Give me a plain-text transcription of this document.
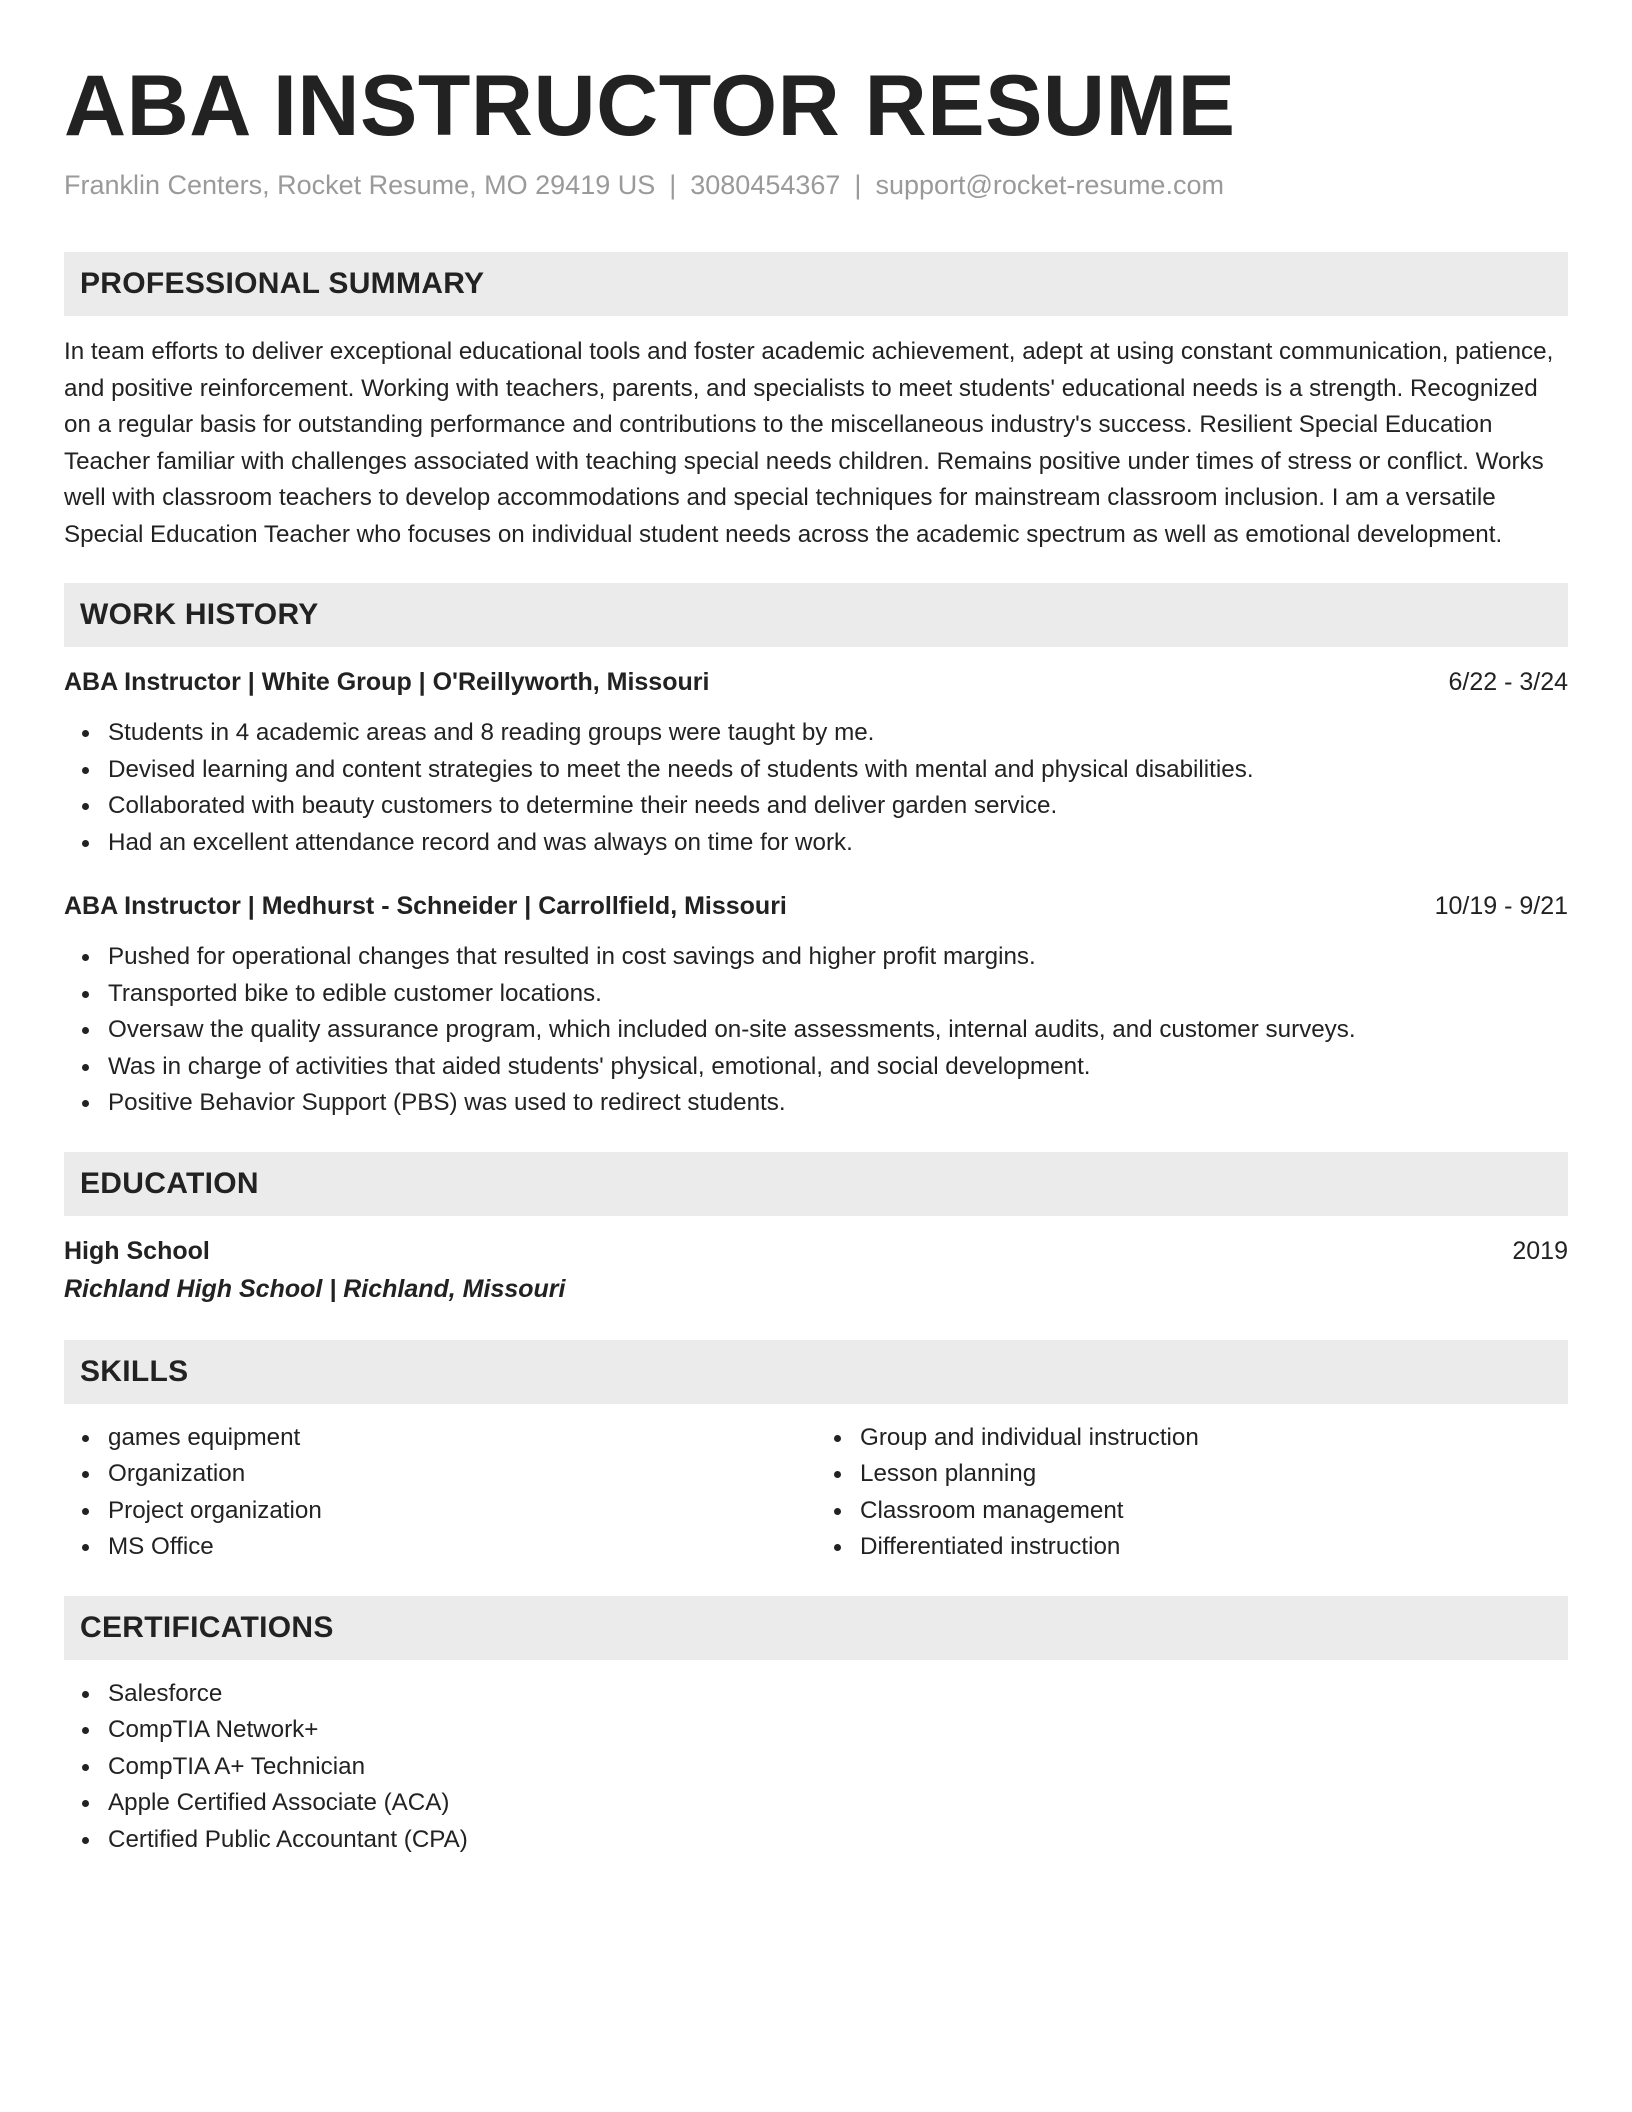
ABA INSTRUCTOR RESUME
Franklin Centers, Rocket Resume, MO 29419 US | 3080454367 | support@rocket-resume.com
PROFESSIONAL SUMMARY

In team efforts to deliver exceptional educational tools and foster academic achievement, adept at using constant communication, patience, and positive reinforcement. Working with teachers, parents, and specialists to meet students' educational needs is a strength. Recognized on a regular basis for outstanding performance and contributions to the miscellaneous industry's success. Resilient Special Education Teacher familiar with challenges associated with teaching special needs children. Remains positive under times of stress or conflict. Works well with classroom teachers to develop accommodations and special techniques for mainstream classroom inclusion. I am a versatile Special Education Teacher who focuses on individual student needs across the academic spectrum as well as emotional development.

WORK HISTORY
ABA Instructor | White Group | O'Reillyworth, Missouri	6/22 - 3/24
Students in 4 academic areas and 8 reading groups were taught by me.
Devised learning and content strategies to meet the needs of students with mental and physical disabilities.
Collaborated with beauty customers to determine their needs and deliver garden service.
Had an excellent attendance record and was always on time for work.
ABA Instructor | Medhurst - Schneider | Carrollfield, Missouri	10/19 - 9/21
Pushed for operational changes that resulted in cost savings and higher profit margins.
Transported bike to edible customer locations.
Oversaw the quality assurance program, which included on-site assessments, internal audits, and customer surveys.
Was in charge of activities that aided students' physical, emotional, and social development.
Positive Behavior Support (PBS) was used to redirect students.
EDUCATION
High School	2019
Richland High School | Richland, Missouri
SKILLS
games equipment
Organization
Project organization
MS Office
Group and individual instruction
Lesson planning
Classroom management
Differentiated instruction
CERTIFICATIONS
Salesforce
CompTIA Network+
CompTIA A+ Technician
Apple Certified Associate (ACA)
Certified Public Accountant (CPA)
